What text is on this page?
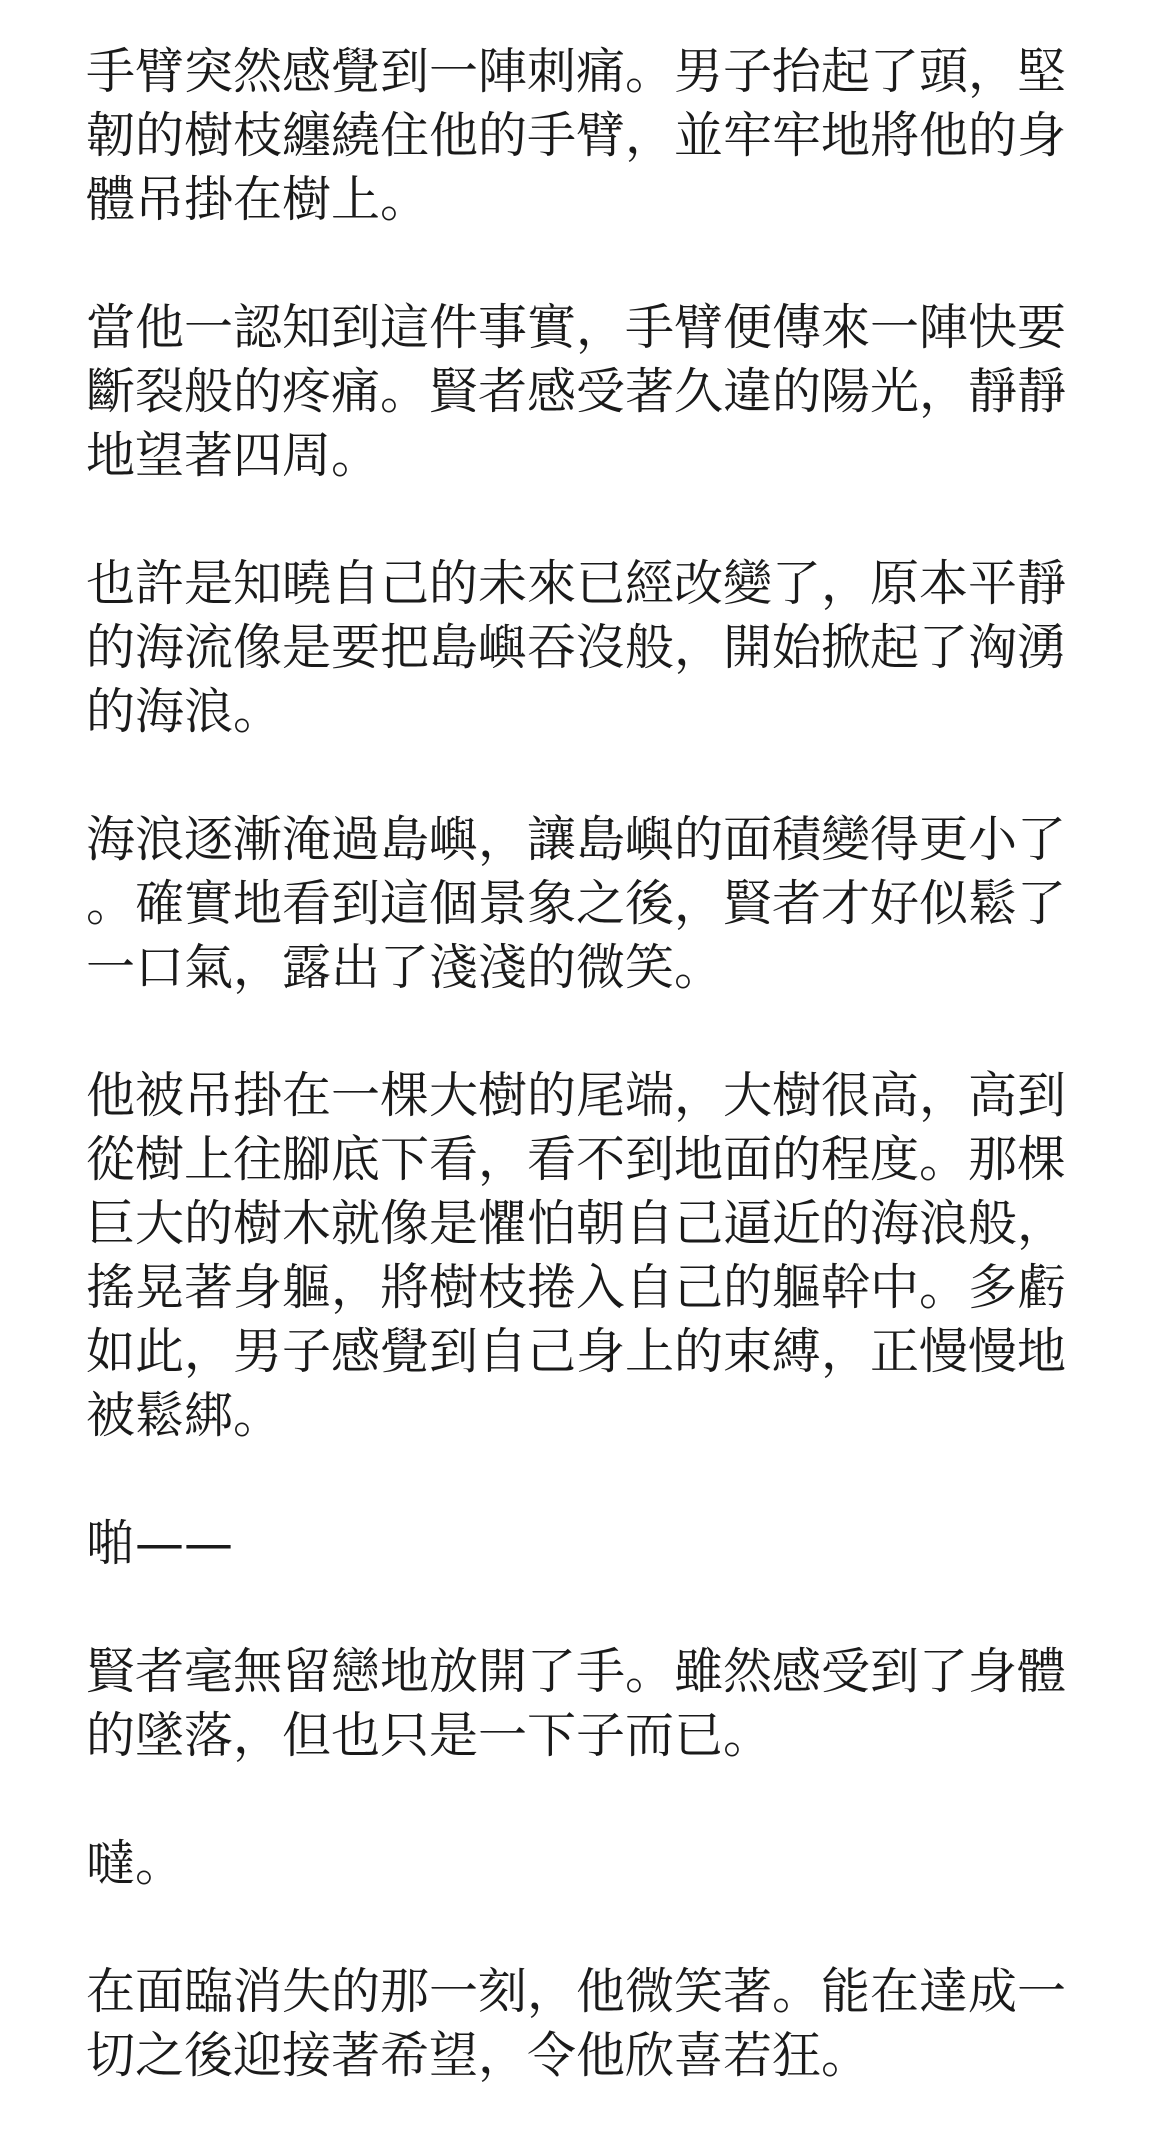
手臂突然感覺到一陣刺痛。男子抬起了頭，堅
韌的樹枝纏繞住他的手臂，並牢牢地將他的身
體吊掛在樹上。

當他一認知到這件事實，手臂便傳來一陣快要
斷裂般的疼痛。賢者感受著久違的陽光，靜靜
地望著四周。

也許是知曉自己的未來已經改變了，原本平靜
的海流像是要把島嶼吞沒般，開始掀起了洶湧
的海浪。

海浪逐漸淹過島嶼，讓島嶼的面積變得更小了
。確實地看到這個景象之後，賢者才好似鬆了
一口氣，露出了淺淺的微笑。

他被吊掛在一棵大樹的尾端，大樹很高，高到
從樹上往腳底下看，看不到地面的程度。那棵
巨大的樹木就像是懼怕朝自己逼近的海浪般，
搖晃著身軀，將樹枝捲入自己的軀幹中。多虧
如此，男子感覺到自己身上的束縛，正慢慢地
被鬆綁。

啪——

賢者毫無留戀地放開了手。雖然感受到了身體
的墜落，但也只是一下子而已。

噠。

在面臨消失的那一刻，他微笑著。能在達成一
切之後迎接著希望，令他欣喜若狂。
